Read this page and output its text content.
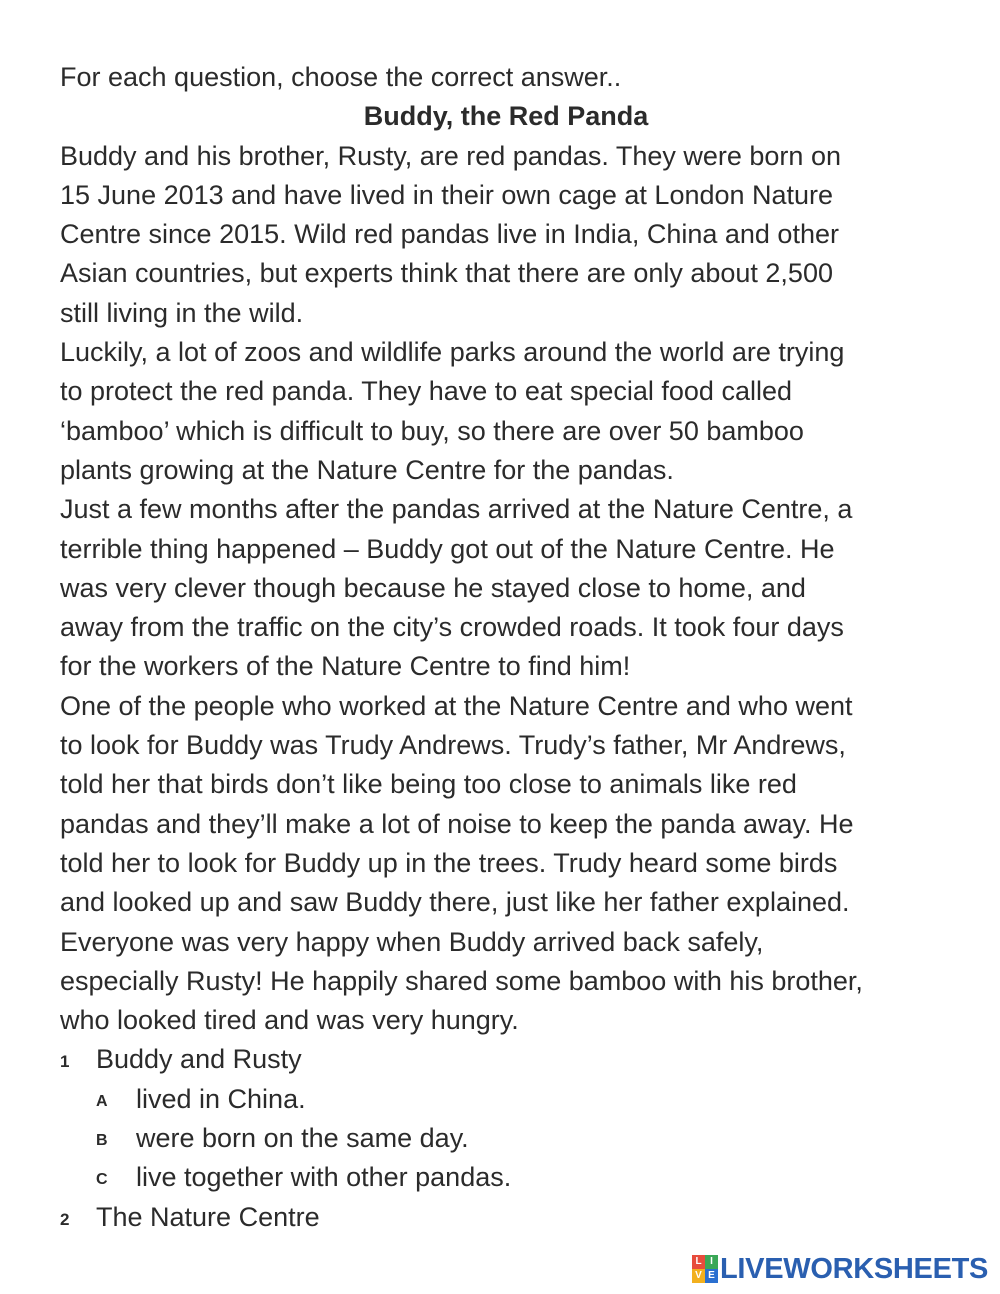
For each question, choose the correct answer..
Buddy, the Red Panda
Buddy and his brother, Rusty, are red pandas. They were born on
15 June 2013 and have lived in their own cage at London Nature
Centre since 2015. Wild red pandas live in India, China and other
Asian countries, but experts think that there are only about 2,500
still living in the wild.
Luckily, a lot of zoos and wildlife parks around the world are trying
to protect the red panda. They have to eat special food called
‘bamboo’ which is difficult to buy, so there are over 50 bamboo
plants growing at the Nature Centre for the pandas.
Just a few months after the pandas arrived at the Nature Centre, a
terrible thing happened – Buddy got out of the Nature Centre. He
was very clever though because he stayed close to home, and
away from the traffic on the city’s crowded roads. It took four days
for the workers of the Nature Centre to find him!
One of the people who worked at the Nature Centre and who went
to look for Buddy was Trudy Andrews. Trudy’s father, Mr Andrews,
told her that birds don’t like being too close to animals like red
pandas and they’ll make a lot of noise to keep the panda away. He
told her to look for Buddy up in the trees. Trudy heard some birds
and looked up and saw Buddy there, just like her father explained.
Everyone was very happy when Buddy arrived back safely,
especially Rusty! He happily shared some bamboo with his brother,
who looked tired and was very hungry.
1 Buddy and Rusty
A lived in China.
B were born on the same day.
C live together with other pandas.
2 The Nature Centre
L I
V E LIVEWORKSHEETS
